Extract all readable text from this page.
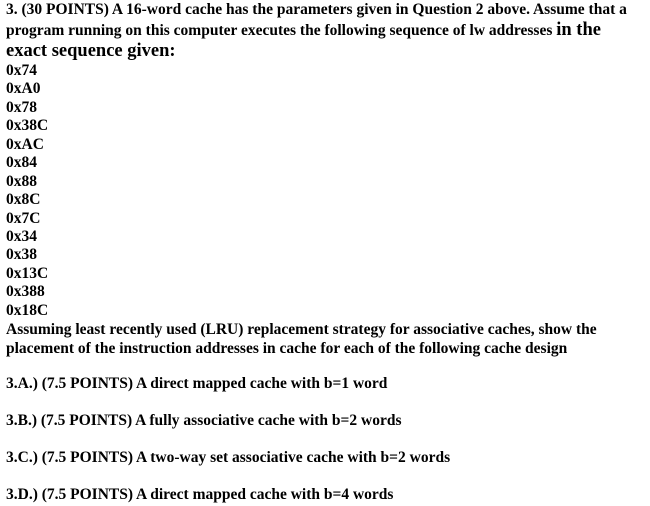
3. (30 POINTS) A 16-word cache has the parameters given in Question 2 above. Assume that a program running on this computer executes the following sequence of lw addresses in the exact sequence given:
0x74
0xA0
0x78
0x38C
0xAC
0x84
0x88
0x8C
0x7C
0x34
0x38
0x13C
0x388
0x18C
Assuming least recently used (LRU) replacement strategy for associative caches, show the placement of the instruction addresses in cache for each of the following cache design
3.A.) (7.5 POINTS) A direct mapped cache with b=1 word
3.B.) (7.5 POINTS) A fully associative cache with b=2 words
3.C.) (7.5 POINTS) A two-way set associative cache with b=2 words
3.D.) (7.5 POINTS) A direct mapped cache with b=4 words
